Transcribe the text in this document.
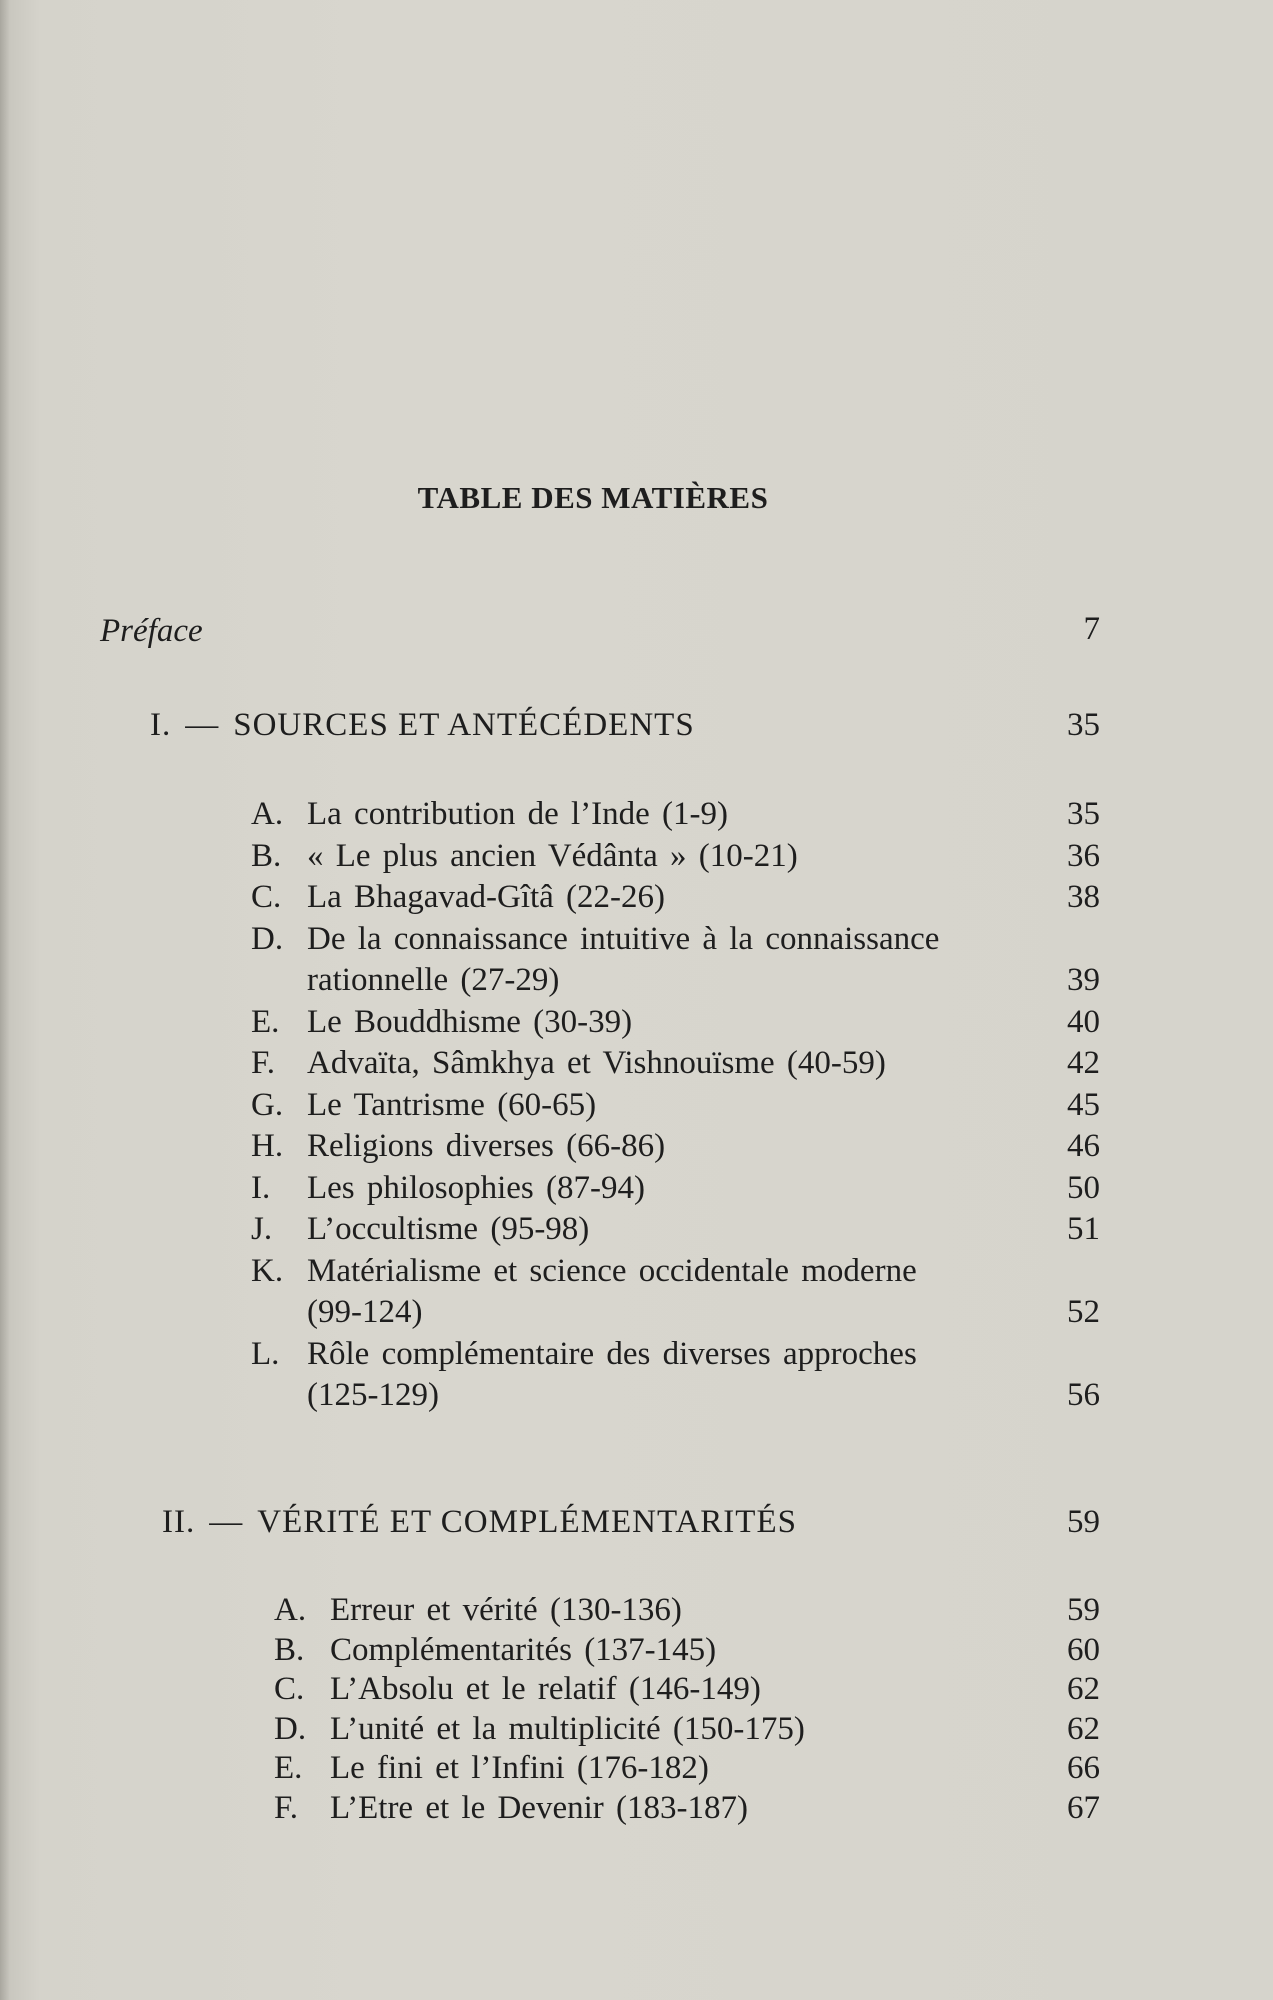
TABLE DES MATIÈRES
Préface	7
I. — SOURCES ET ANTÉCÉDENTS	35
A. La contribution de l’Inde (1-9)	35
B. « Le plus ancien Védânta » (10-21)	36
C. La Bhagavad-Gîtâ (22-26)	38
D. De la connaissance intuitive à la connaissance
rationnelle (27-29)	39
E. Le Bouddhisme (30-39)	40
F. Advaïta, Sâmkhya et Vishnouïsme (40-59)	42
G. Le Tantrisme (60-65)	45
H. Religions diverses (66-86)	46
I. Les philosophies (87-94)	50
J. L’occultisme (95-98)	51
K. Matérialisme et science occidentale moderne
(99-124)	52
L. Rôle complémentaire des diverses approches
(125-129)	56
II. — VÉRITÉ ET COMPLÉMENTARITÉS	59
A. Erreur et vérité (130-136)	59
B. Complémentarités (137-145)	60
C. L’Absolu et le relatif (146-149)	62
D. L’unité et la multiplicité (150-175)	62
E. Le fini et l’Infini (176-182)	66
F. L’Etre et le Devenir (183-187)	67
